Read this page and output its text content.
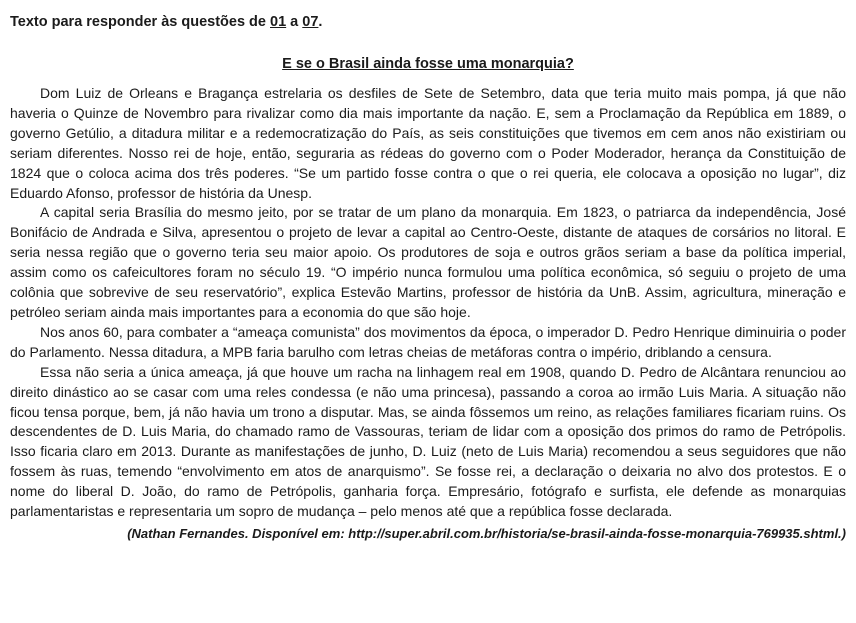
Texto para responder às questões de 01 a 07.

E se o Brasil ainda fosse uma monarquia?

Dom Luiz de Orleans e Bragança estrelaria os desfiles de Sete de Setembro, data que teria muito mais pompa, já que não haveria o Quinze de Novembro para rivalizar como dia mais importante da nação. E, sem a Proclamação da República em 1889, o governo Getúlio, a ditadura militar e a redemocratização do País, as seis constituições que tivemos em cem anos não existiriam ou seriam diferentes. Nosso rei de hoje, então, seguraria as rédeas do governo com o Poder Moderador, herança da Constituição de 1824 que o coloca acima dos três poderes. “Se um partido fosse contra o que o rei queria, ele colocava a oposição no lugar”, diz Eduardo Afonso, professor de história da Unesp.

A capital seria Brasília do mesmo jeito, por se tratar de um plano da monarquia. Em 1823, o patriarca da independência, José Bonifácio de Andrada e Silva, apresentou o projeto de levar a capital ao Centro-Oeste, distante de ataques de corsários no litoral. E seria nessa região que o governo teria seu maior apoio. Os produtores de soja e outros grãos seriam a base da política imperial, assim como os cafeicultores foram no século 19. “O império nunca formulou uma política econômica, só seguiu o projeto de uma colônia que sobrevive de seu reservatório”, explica Estevão Martins, professor de história da UnB. Assim, agricultura, mineração e petróleo seriam ainda mais importantes para a economia do que são hoje.

Nos anos 60, para combater a “ameaça comunista” dos movimentos da época, o imperador D. Pedro Henrique diminuiria o poder do Parlamento. Nessa ditadura, a MPB faria barulho com letras cheias de metáforas contra o império, driblando a censura.

Essa não seria a única ameaça, já que houve um racha na linhagem real em 1908, quando D. Pedro de Alcântara renunciou ao direito dinástico ao se casar com uma reles condessa (e não uma princesa), passando a coroa ao irmão Luis Maria. A situação não ficou tensa porque, bem, já não havia um trono a disputar. Mas, se ainda fôssemos um reino, as relações familiares ficariam ruins. Os descendentes de D. Luis Maria, do chamado ramo de Vassouras, teriam de lidar com a oposição dos primos do ramo de Petrópolis. Isso ficaria claro em 2013. Durante as manifestações de junho, D. Luiz (neto de Luis Maria) recomendou a seus seguidores que não fossem às ruas, temendo “envolvimento em atos de anarquismo”. Se fosse rei, a declaração o deixaria no alvo dos protestos. E o nome do liberal D. João, do ramo de Petrópolis, ganharia força. Empresário, fotógrafo e surfista, ele defende as monarquias parlamentaristas e representaria um sopro de mudança – pelo menos até que a república fosse declarada.

(Nathan Fernandes. Disponível em: http://super.abril.com.br/historia/se-brasil-ainda-fosse-monarquia-769935.shtml.)
